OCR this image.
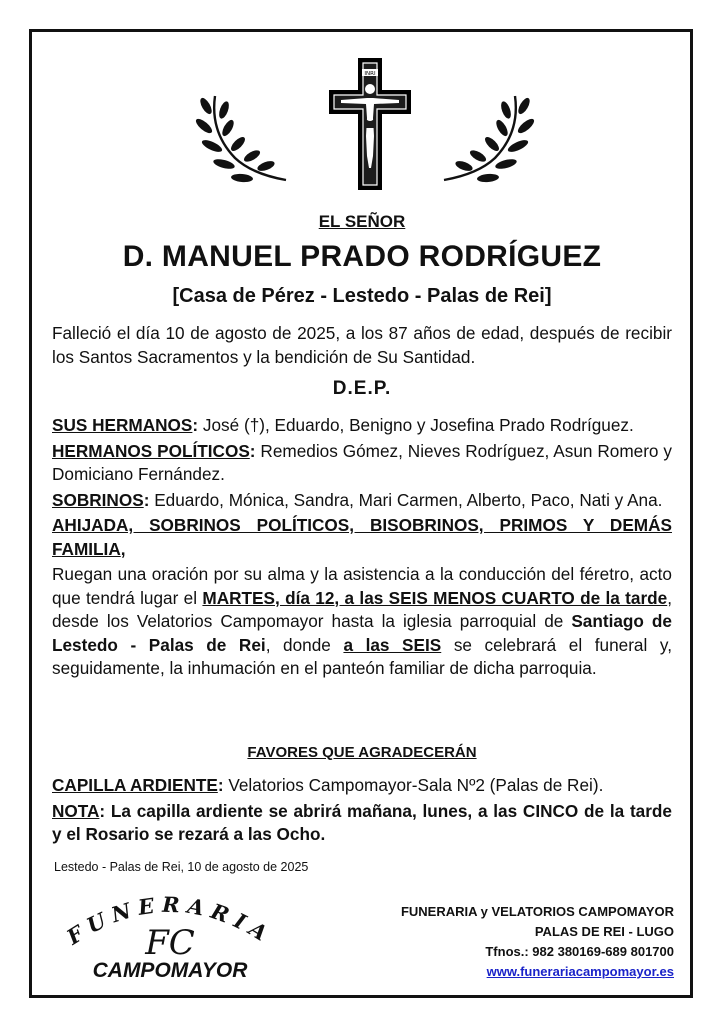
INRI
EL SEÑOR
D. MANUEL PRADO RODRÍGUEZ
[Casa de Pérez - Lestedo - Palas de Rei]
Falleció el día 10 de agosto de 2025, a los 87 años de edad, después de recibir los Santos Sacramentos y la bendición de Su Santidad.
D.E.P.

SUS HERMANOS: José (†), Eduardo, Benigno y Josefina Prado Rodríguez.

HERMANOS POLÍTICOS: Remedios Gómez, Nieves Rodríguez, Asun Romero y Domiciano Fernández.

SOBRINOS: Eduardo, Mónica, Sandra, Mari Carmen, Alberto, Paco, Nati y Ana.

AHIJADA, SOBRINOS POLÍTICOS, BISOBRINOS, PRIMOS Y DEMÁS FAMILIA,

Ruegan una oración por su alma y la asistencia a la conducción del féretro, acto que tendrá lugar el MARTES, día 12, a las SEIS MENOS CUARTO de la tarde, desde los Velatorios Campomayor hasta la iglesia parroquial de Santiago de Lestedo - Palas de Rei, donde a las SEIS se celebrará el funeral y, seguidamente, la inhumación en el panteón familiar de dicha parroquia.

FAVORES QUE AGRADECERÁN

CAPILLA ARDIENTE: Velatorios Campomayor-Sala Nº2 (Palas de Rei).

NOTA: La capilla ardiente se abrirá mañana, lunes, a las CINCO de la tarde y el Rosario se rezará a las Ocho.

Lestedo - Palas de Rei, 10 de agosto de 2025
FUNERARIA
FC
CAMPOMAYOR
FUNERARIA y VELATORIOS CAMPOMAYOR
PALAS DE REI - LUGO
Tfnos.: 982 380169-689 801700
www.funerariacampomayor.es
